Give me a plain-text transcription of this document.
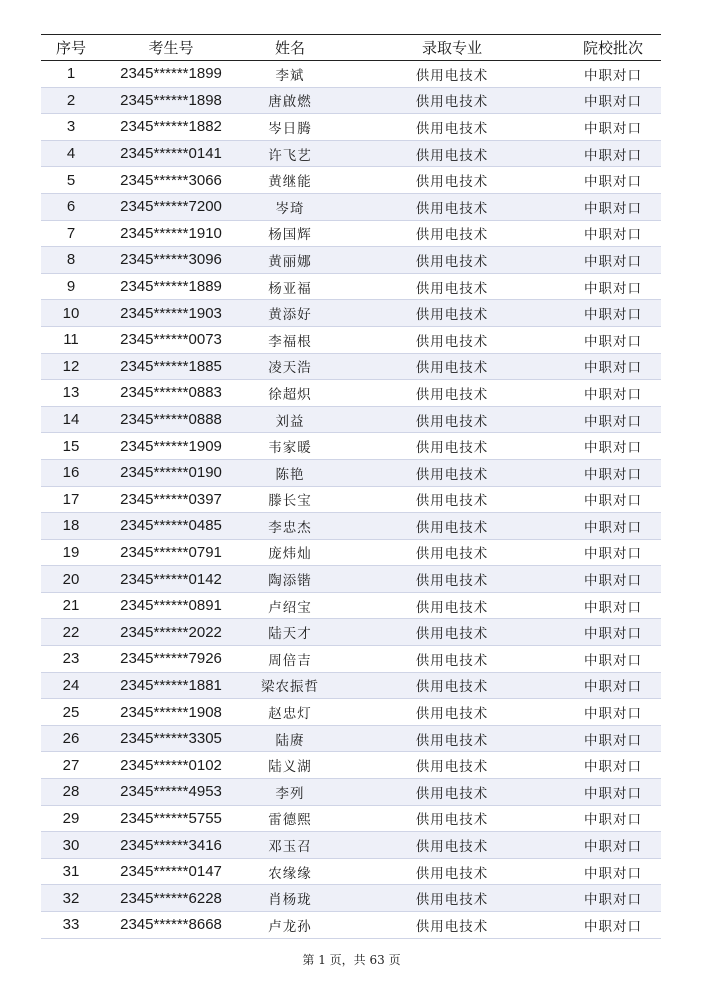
序号	考生号	姓名	录取专业	院校批次
1	2345******1899	李斌	供用电技术	中职对口
2	2345******1898	唐啟燃	供用电技术	中职对口
3	2345******1882	岑日腾	供用电技术	中职对口
4	2345******0141	许飞艺	供用电技术	中职对口
5	2345******3066	黄继能	供用电技术	中职对口
6	2345******7200	岑琦	供用电技术	中职对口
7	2345******1910	杨国辉	供用电技术	中职对口
8	2345******3096	黄丽娜	供用电技术	中职对口
9	2345******1889	杨亚福	供用电技术	中职对口
10	2345******1903	黄添好	供用电技术	中职对口
11	2345******0073	李福根	供用电技术	中职对口
12	2345******1885	凌天浩	供用电技术	中职对口
13	2345******0883	徐超炽	供用电技术	中职对口
14	2345******0888	刘益	供用电技术	中职对口
15	2345******1909	韦家暖	供用电技术	中职对口
16	2345******0190	陈艳	供用电技术	中职对口
17	2345******0397	滕长宝	供用电技术	中职对口
18	2345******0485	李忠杰	供用电技术	中职对口
19	2345******0791	庞炜灿	供用电技术	中职对口
20	2345******0142	陶添锴	供用电技术	中职对口
21	2345******0891	卢绍宝	供用电技术	中职对口
22	2345******2022	陆天才	供用电技术	中职对口
23	2345******7926	周倍吉	供用电技术	中职对口
24	2345******1881	梁农振哲	供用电技术	中职对口
25	2345******1908	赵忠灯	供用电技术	中职对口
26	2345******3305	陆赓	供用电技术	中职对口
27	2345******0102	陆义湖	供用电技术	中职对口
28	2345******4953	李列	供用电技术	中职对口
29	2345******5755	雷德熙	供用电技术	中职对口
30	2345******3416	邓玉召	供用电技术	中职对口
31	2345******0147	农缘缘	供用电技术	中职对口
32	2345******6228	肖杨珑	供用电技术	中职对口
33	2345******8668	卢龙孙	供用电技术	中职对口
第 1 页，共 63 页
